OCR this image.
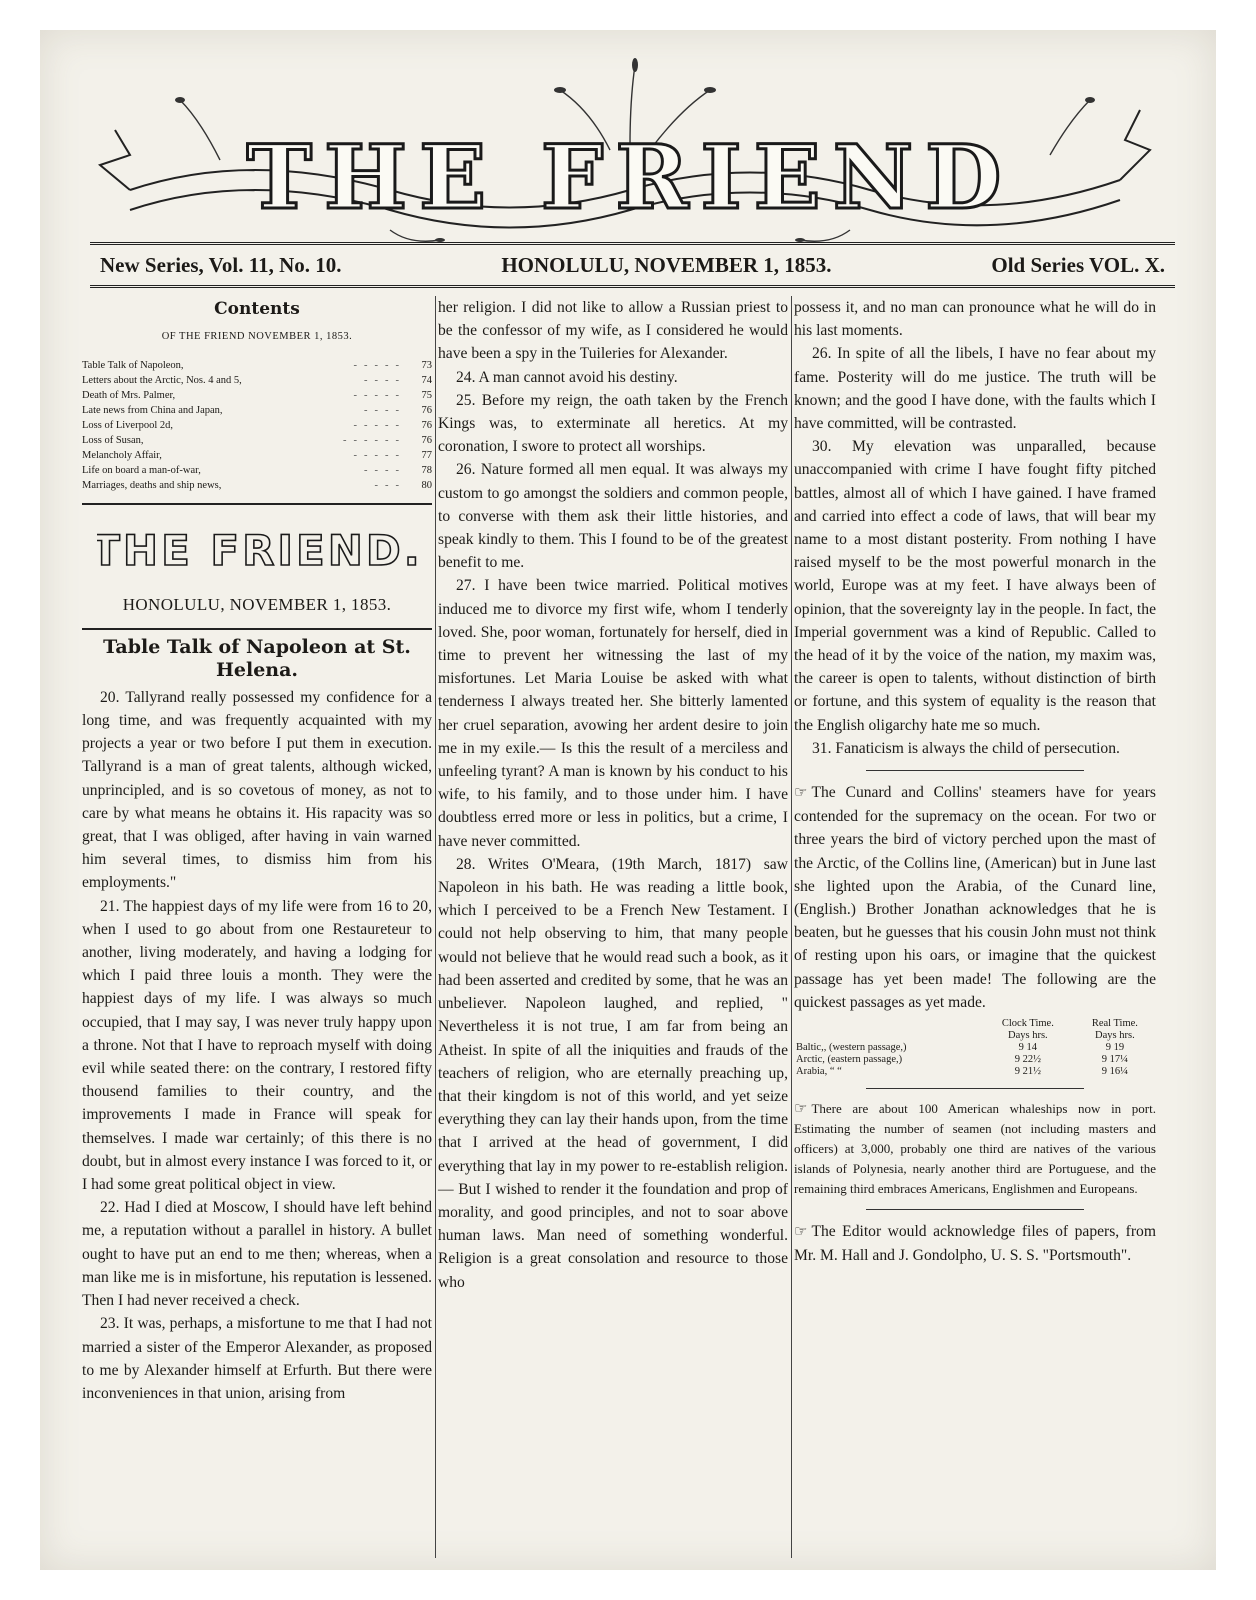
THE FRIEND
New Series, Vol. 11, No. 10.	HONOLULU, NOVEMBER 1, 1853.	Old Series VOL. X.
Contents
OF THE FRIEND NOVEMBER 1, 1853.
Table Talk of Napoleon,	-----	73
Letters about the Arctic, Nos. 4 and 5,	----	74
Death of Mrs. Palmer,	-----	75
Late news from China and Japan,	----	76
Loss of Liverpool 2d,	-----	76
Loss of Susan,	------	76
Melancholy Affair,	-----	77
Life on board a man-of-war,	----	78
Marriages, deaths and ship news,	---	80
THE FRIEND.
HONOLULU, NOVEMBER 1, 1853.
Table Talk of Napoleon at St. Helena.

20. Tallyrand really possessed my confidence for a long time, and was frequently acquainted with my projects a year or two before I put them in execution. Tallyrand is a man of great talents, although wicked, unprincipled, and is so covetous of money, as not to care by what means he obtains it. His rapacity was so great, that I was obliged, after having in vain warned him several times, to dismiss him from his employments."

21. The happiest days of my life were from 16 to 20, when I used to go about from one Restaureteur to another, living moderately, and having a lodging for which I paid three louis a month. They were the happiest days of my life. I was always so much occupied, that I may say, I was never truly happy upon a throne. Not that I have to reproach myself with doing evil while seated there: on the contrary, I restored fifty thousend families to their country, and the improvements I made in France will speak for themselves. I made war certainly; of this there is no doubt, but in almost every instance I was forced to it, or I had some great political object in view.

22. Had I died at Moscow, I should have left behind me, a reputation without a parallel in history. A bullet ought to have put an end to me then; whereas, when a man like me is in misfortune, his reputation is lessened. Then I had never received a check.

23. It was, perhaps, a misfortune to me that I had not married a sister of the Emperor Alexander, as proposed to me by Alexander himself at Erfurth. But there were inconveniences in that union, arising from

her religion. I did not like to allow a Russian priest to be the confessor of my wife, as I considered he would have been a spy in the Tuileries for Alexander.

24. A man cannot avoid his destiny.

25. Before my reign, the oath taken by the French Kings was, to exterminate all heretics. At my coronation, I swore to protect all worships.

26. Nature formed all men equal. It was always my custom to go amongst the soldiers and common people, to converse with them ask their little histories, and speak kindly to them. This I found to be of the greatest benefit to me.

27. I have been twice married. Political motives induced me to divorce my first wife, whom I tenderly loved. She, poor woman, fortunately for herself, died in time to prevent her witnessing the last of my misfortunes. Let Maria Louise be asked with what tenderness I always treated her. She bitterly lamented her cruel separation, avowing her ardent desire to join me in my exile.— Is this the result of a merciless and unfeeling tyrant? A man is known by his conduct to his wife, to his family, and to those under him. I have doubtless erred more or less in politics, but a crime, I have never committed.

28. Writes O'Meara, (19th March, 1817) saw Napoleon in his bath. He was reading a little book, which I perceived to be a French New Testament. I could not help observing to him, that many people would not believe that he would read such a book, as it had been asserted and credited by some, that he was an unbeliever. Napoleon laughed, and replied, " Nevertheless it is not true, I am far from being an Atheist. In spite of all the iniquities and frauds of the teachers of religion, who are eternally preaching up, that their kingdom is not of this world, and yet seize everything they can lay their hands upon, from the time that I arrived at the head of government, I did everything that lay in my power to re-establish religion.— But I wished to render it the foundation and prop of morality, and good principles, and not to soar above human laws. Man need of something wonderful. Religion is a great consolation and resource to those who

possess it, and no man can pronounce what he will do in his last moments.

26. In spite of all the libels, I have no fear about my fame. Posterity will do me justice. The truth will be known; and the good I have done, with the faults which I have committed, will be contrasted.

30. My elevation was unparalled, because unaccompanied with crime I have fought fifty pitched battles, almost all of which I have gained. I have framed and carried into effect a code of laws, that will bear my name to a most distant posterity. From nothing I have raised myself to be the most powerful monarch in the world, Europe was at my feet. I have always been of opinion, that the sovereignty lay in the people. In fact, the Imperial government was a kind of Republic. Called to the head of it by the voice of the nation, my maxim was, the career is open to talents, without distinction of birth or fortune, and this system of equality is the reason that the English oligarchy hate me so much.

31. Fanaticism is always the child of persecution.

☞ The Cunard and Collins' steamers have for years contended for the supremacy on the ocean. For two or three years the bird of victory perched upon the mast of the Arctic, of the Collins line, (American) but in June last she lighted upon the Arabia, of the Cunard line, (English.) Brother Jonathan acknowledges that he is beaten, but he guesses that his cousin John must not think of resting upon his oars, or imagine that the quickest passage has yet been made! The following are the quickest passages as yet made.

	Clock Time.	Real Time.
	Days hrs.	Days hrs.
Baltic,, (western passage,)	9 14	9 19
Arctic, (eastern passage,)	9 22½	9 17¼
Arabia, “ “	9 21½	9 16¼

☞ There are about 100 American whaleships now in port. Estimating the number of seamen (not including masters and officers) at 3,000, probably one third are natives of the various islands of Polynesia, nearly another third are Portuguese, and the remaining third embraces Americans, Englishmen and Europeans.

☞ The Editor would acknowledge files of papers, from Mr. M. Hall and J. Gondolpho, U. S. S. "Portsmouth".
